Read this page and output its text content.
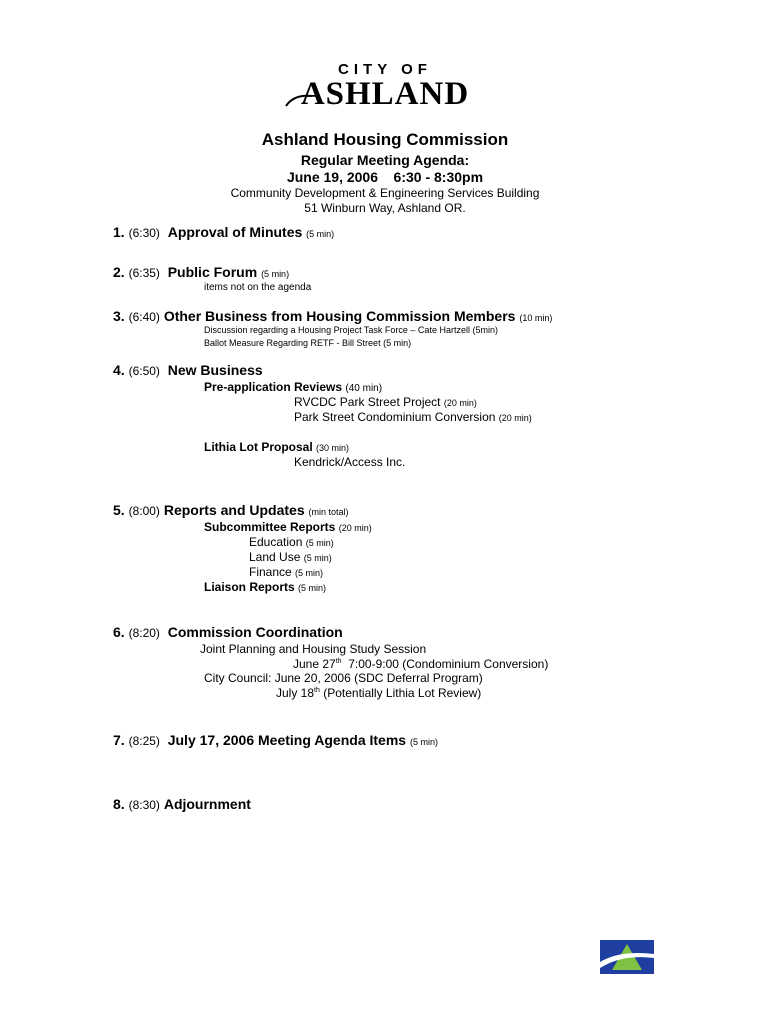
CITY OF
ASHLAND
Ashland Housing Commission
Regular Meeting Agenda:
June 19, 2006    6:30 - 8:30pm
Community Development & Engineering Services Building
51 Winburn Way, Ashland OR.
1. (6:30) Approval of Minutes (5 min)
2. (6:35) Public Forum (5 min)
items not on the agenda
3. (6:40) Other Business from Housing Commission Members (10 min)
Discussion regarding a Housing Project Task Force – Cate Hartzell (5min)
Ballot Measure Regarding RETF - Bill Street (5 min)
4. (6:50) New Business
Pre-application Reviews (40 min)
RVCDC Park Street Project (20 min)
Park Street Condominium Conversion (20 min)
Lithia Lot Proposal (30 min)
Kendrick/Access Inc.
5. (8:00) Reports and Updates (min total)
Subcommittee Reports (20 min)
Education (5 min)
Land Use (5 min)
Finance (5 min)
Liaison Reports (5 min)
6. (8:20) Commission Coordination
Joint Planning and Housing Study Session
June 27th  7:00-9:00 (Condominium Conversion)
City Council: June 20, 2006 (SDC Deferral Program)
July 18th (Potentially Lithia Lot Review)
7. (8:25) July 17, 2006 Meeting Agenda Items (5 min)
8. (8:30) Adjournment
